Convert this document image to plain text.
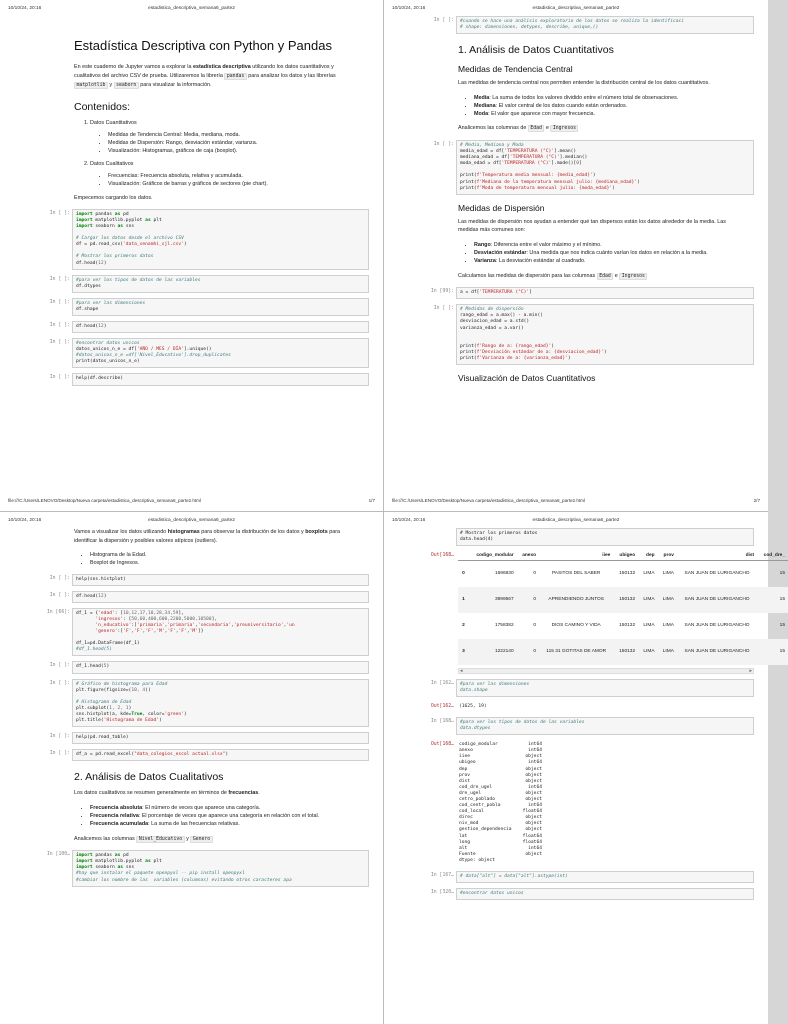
10/10/24, 20:16	estadistica_descriptiva_semana6_parte2
Estadística Descriptiva con Python y Pandas

En este cuaderno de Jupyter vamos a explorar la estadística descriptiva utilizando los datos cuantitativos y cualitativos del archivo CSV de prueba. Utilizaremos la librería pandas para analizar los datos y las librerías matplotlib y seaborn para visualizar la información.

Contenidos:
1. Datos Cuantitativos
• Medidas de Tendencia Central: Media, mediana, moda.
• Medidas de Dispersión: Rango, desviación estándar, varianza.
• Visualización: Histogramas, gráficos de caja (boxplot).
2. Datos Cualitativos
• Frecuencias: Frecuencia absoluta, relativa y acumulada.
• Visualización: Gráficos de barras y gráficos de sectores (pie chart).

Empecemos cargando los datos.

In [ ]:	import pandas as pd
import matplotlib.pyplot as plt
import seaborn as sns

# Cargar los datos desde el archivo CSV
df = pd.read_csv('data_senamhi_sjl.csv')

# Mostrar los primeros datos
df.head(12)
In [ ]:	#para ver los tipos de datos de las variables
df.dtypes
In [ ]:	#para ver las dimensiones
df.shape
In [ ]:	df.head(12)
In [ ]:	#encontrar datos unicos
datos_unicos_n_e = df['AÑO / MES / DÍA'].unique()
#datos_unicos_n_e =df['Nivel_Educativo'].drop_duplicates
print(datos_unicos_n_e)
In [ ]:	help(df.describe)
file:///C:/Users/LENOVO/Desktop/Nueva carpeta/estadistica_descriptiva_semana6_parte2.html	1/7
10/10/24, 20:16	estadistica_descriptiva_semana6_parte2
In [ ]:	#cuando se hace una análisis exploratorio de los datos se realiza la identificaci
# shape: dimensiones, detypes, describe, unique,()
1. Análisis de Datos Cuantitativos
Medidas de Tendencia Central

Las medidas de tendencia central nos permiten entender la distribución central de los datos cuantitativos.

• Media: La suma de todos los valores dividido entre el número total de observaciones.
• Mediana: El valor central de los datos cuando están ordenados.
• Moda: El valor que aparece con mayor frecuencia.

Analicemos las columnas de Edad e Ingresos

In [ ]:	# Media, Mediana y Moda
media_edad = df['TEMPERATURA (°C)'].mean()
mediana_edad = df['TEMPERATURA (°C)'].median()
moda_edad = df['TEMPERATURA (°C)'].mode()[0]

print(f'Temperatura media mensual: {media_edad}')
print(f'Mediana de la temperatura mensual julio: {mediana_edad}')
print(f'Moda de temperatura mensual julio: {moda_edad}')
Medidas de Dispersión

Las medidas de dispersión nos ayudan a entender qué tan dispersos están los datos alrededor de la media. Las medidas más comunes son:

• Rango: Diferencia entre el valor máximo y el mínimo.
• Desviación estándar: Una medida que nos indica cuánto varían los datos en relación a la media.
• Varianza: La desviación estándar al cuadrado.

Calculamos las medidas de dispersión para las columnas Edad e Ingresos

In [99]:	a = df['TEMPERATURA (°C)']
In [ ]:	# Medidas de dispersión
rango_edad = a.max() - a.min()
desviacion_edad = a.std()
varianza_edad = a.var()

print(f'Rango de a: {rango_edad}')
print(f'Desviación estándar de a: {desviacion_edad}')
print(f'Varianza de a: {varianza_edad}')
Visualización de Datos Cuantitativos
file:///C:/Users/LENOVO/Desktop/Nueva carpeta/estadistica_descriptiva_semana6_parte2.html	2/7
10/10/24, 20:16	estadistica_descriptiva_semana6_parte2

Vamos a visualizar los datos utilizando histogramas para observar la distribución de los datos y boxplots para identificar la dispersión y posibles valores atípicos (outliers).

• Histograma de la Edad.
• Boxplot de Ingresos.
In [ ]:	help(sns.histplot)
In [ ]:	df.head(12)
In [66]:	df_1 = {'edad': [10,12,17,18,28,34,59],
'ingresos': [50,60,400,600,2200,5000,10500],
'n_educativo':['primaria','primaria','secundaria','preuniversitario','un
'genero':['F','F','F','M','F','F','M']}

df_1=pd.DataFrame(df_1)
#df_1.head(5)
In [ ]:	df_1.head(5)
In [ ]:	# Gráfico de histograma para Edad
plt.figure(figsize=(10, 4))

# Histograma de Edad
plt.subplot(1, 2, 1)
sns.histplot(a, kde=True, color='green')
plt.title('Histograma de Edad')
In [ ]:	help(pd.read_table)
In [ ]:	df_a = pd.read_excel("data_colegios_escol actual.xlsx")
2. Análisis de Datos Cualitativos

Los datos cualitativos se resumen generalmente en términos de frecuencias.

• Frecuencia absoluta: El número de veces que aparece una categoría.
• Frecuencia relativa: El porcentaje de veces que aparece una categoría en relación con el total.
• Frecuencia acumulada: La suma de las frecuencias relativas.

Analicemos las columnas Nivel_Educativo y Genero

In [100…	import pandas as pd
import matplotlib.pyplot as plt
import seaborn as sns
#hay que instalar el paquete openpyxl -- pip install openpyxl
#cambiar los nombre de las  variables (columnas) evitando otros caracteres apa
10/10/24, 20:16	estadistica_descriptiva_semana6_parte2
# Mostrar los primeros datos
data.head(4)
Out[168…
		codigo_modular	anexo	iiee	ubigeo	dep	prov	dist	cod_dre_
0	1696830	0	PASITOS DEL SABER	150132	LIMA	LIMA	SAN JUAN DE LURIGANCHO	15
1	3999567	0	APRENDIENDO JUNTOS	150132	LIMA	LIMA	SAN JUAN DE LURIGANCHO	15
2	1758382	0	DIOS CAMINO Y VIDA	150132	LIMA	LIMA	SAN JUAN DE LURIGANCHO	15
3	1222140	0	115 31 GOTITAS DE AMOR	150132	LIMA	LIMA	SAN JUAN DE LURIGANCHO	15
◂	▸
In [162…	#para ver las dimensiones
data.shape
Out[162…	(1625, 19)
In [168…	#para ver los tipos de datos de las variables
data.dtypes
Out[168…	codigo_modular           int64
anexo                    int64
iiee                    object
ubigeo                   int64
dep                     object
prov                    object
dist                    object
cod_dre_ugel             int64
dre_ugel                object
cetro_poblado           object
cod_centr_pobla          int64
cod_local              float64
direc                   object
niv_mod                 object
gestion_dependencia     object
lat                    float64
long                   float64
alt                      int64
Fuente                  object
dtype: object
In [167…	# data["alt"] = data["alt"].astype(int)
In [320…	#encontrar datos unicos
